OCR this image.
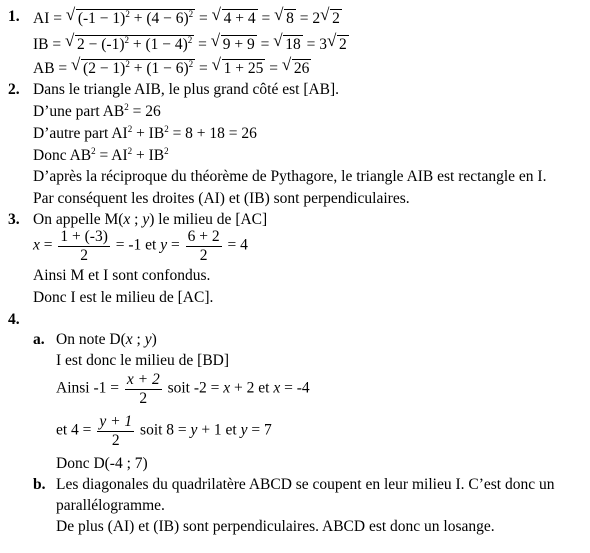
1. AI = √ $(-1 - 1)^2 + (4 - 6)^2$ = √ 4 + 4 = √ 8 = 2 √ 2
IB = √ $2 - (-1)^2 + (1 - 4)^2$ = √ 9 + 9 = √ 18 = 3 √ 2
AB = √ $(2 - 1)^2 + (1 - 6)^2$ = √ 1 + 25 = √ 26
2. Dans le triangle AIB, le plus grand côté est [AB].
D’une part $AB^2 = 26$
D’autre part $AI^2 + IB^2 = 8 + 18 = 26$
Donc $AB^2 = AI^2 + IB^2$
D’après la réciproque du théorème de Pythagore, le triangle AIB est rectangle en I.
Par conséquent les droites (AI) et (IB) sont perpendiculaires.
3. On appelle M(x ; y) le milieu de [AC]
$x = \frac{1 + (-3)}{2} = -1$ et $y = \frac{6 + 2}{2} = 4$
Ainsi M et I sont confondus.
Donc I est le milieu de [AC].
4.
a. On note D(x ; y)
I est donc le milieu de [BD]
Ainsi $-1 = \frac{x + 2}{2}$ soit -2 = x + 2 et x = -4
et $4 = \frac{y + 1}{2}$ soit 8 = y + 1 et y = 7
Donc D(-4 ; 7)
b. Les diagonales du quadrilatère ABCD se coupent en leur milieu I. C’est donc un
parallélogramme.
De plus (AI) et (IB) sont perpendiculaires. ABCD est donc un losange.
